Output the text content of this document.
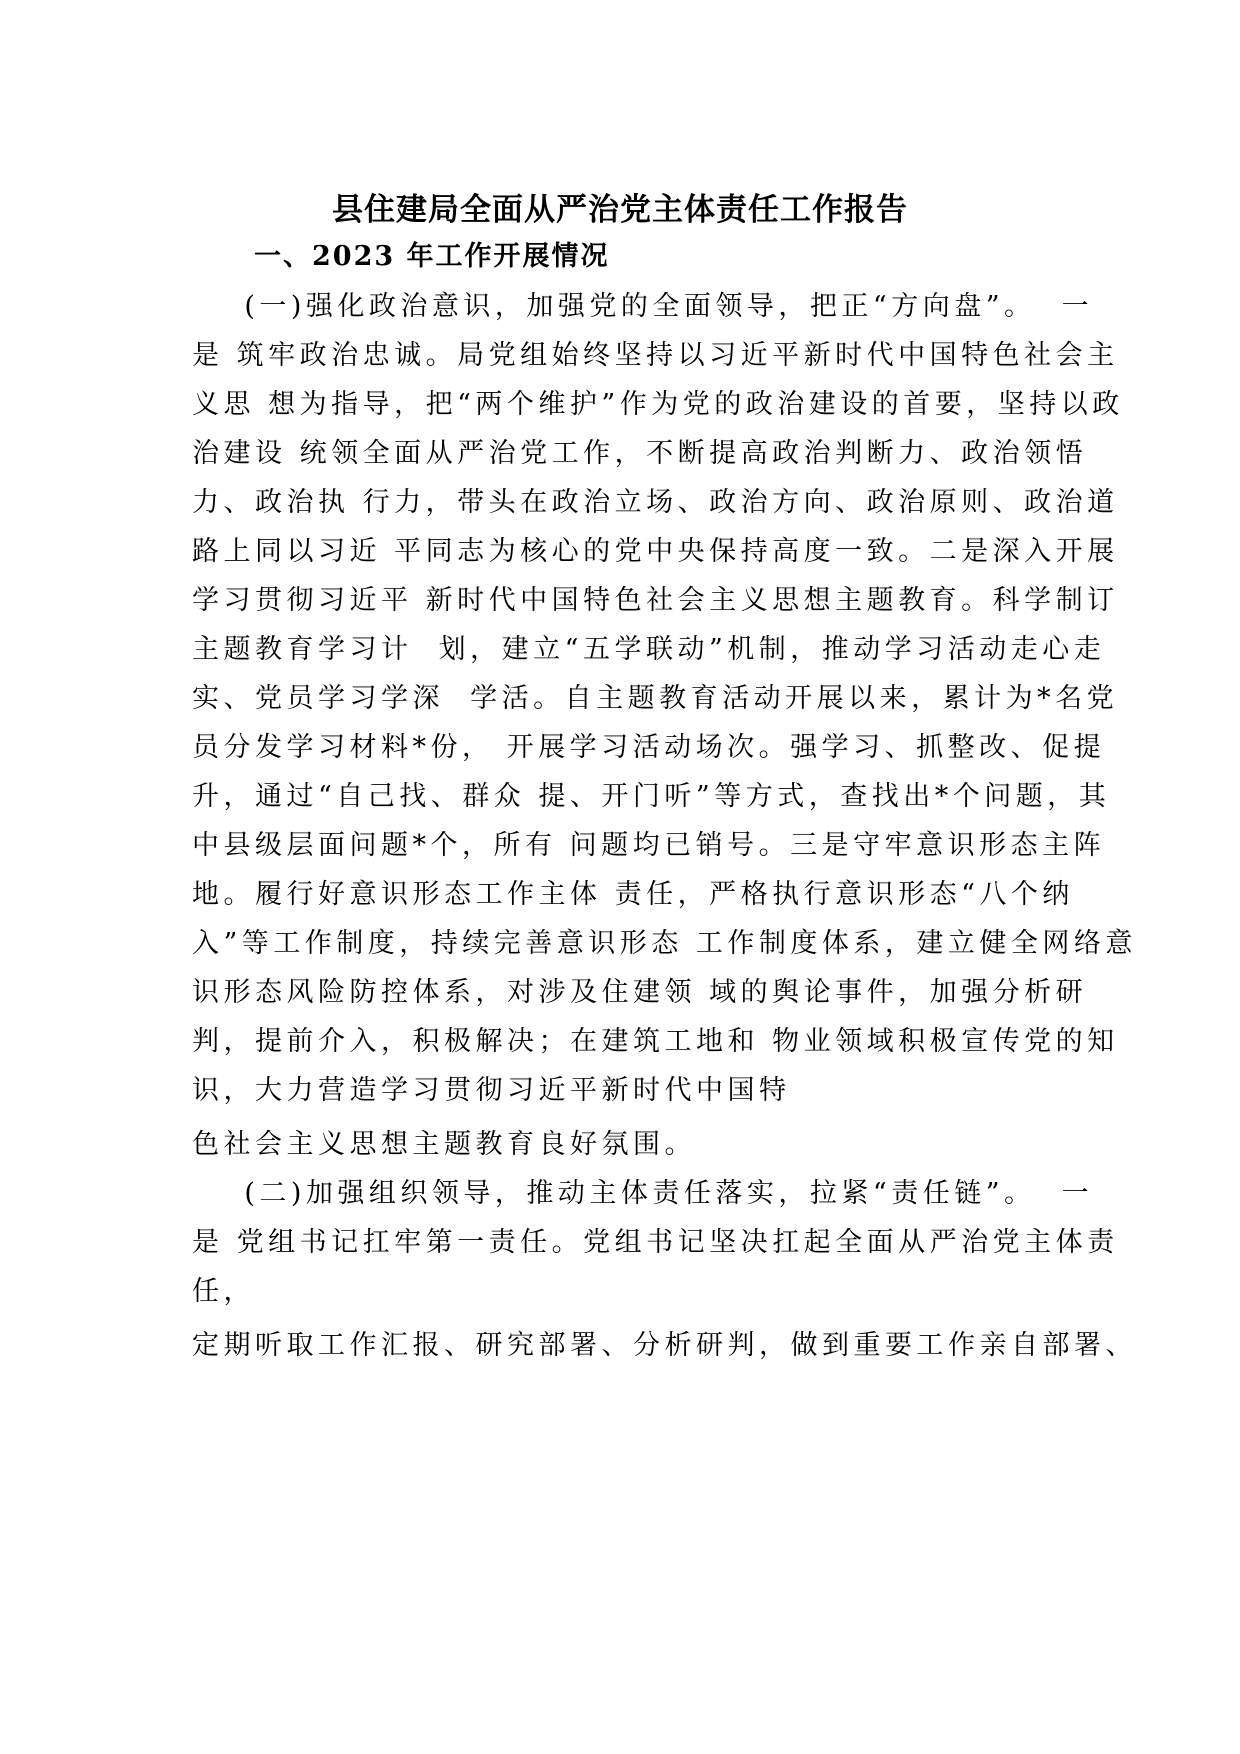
县住建局全面从严治党主体责任工作报告
一、2023 年工作开展情况
(一)强化政治意识，加强党的全面领导，把正“方向盘”。  一
是 筑牢政治忠诚。局党组始终坚持以习近平新时代中国特色社会主
义思 想为指导，把“两个维护”作为党的政治建设的首要，坚持以政
治建设 统领全面从严治党工作，不断提高政治判断力、政治领悟
力、政治执 行力，带头在政治立场、政治方向、政治原则、政治道
路上同以习近 平同志为核心的党中央保持高度一致。二是深入开展
学习贯彻习近平 新时代中国特色社会主义思想主题教育。科学制订
主题教育学习计  划，建立“五学联动”机制，推动学习活动走心走
实、党员学习学深  学活。自主题教育活动开展以来，累计为*名党
员分发学习材料*份， 开展学习活动场次。强学习、抓整改、促提
升，通过“自己找、群众 提、开门听”等方式，查找出*个问题，其
中县级层面问题*个，所有 问题均已销号。三是守牢意识形态主阵
地。履行好意识形态工作主体 责任，严格执行意识形态“八个纳
入”等工作制度，持续完善意识形态 工作制度体系，建立健全网络意
识形态风险防控体系，对涉及住建领 域的舆论事件，加强分析研
判，提前介入，积极解决；在建筑工地和 物业领域积极宣传党的知
识，大力营造学习贯彻习近平新时代中国特
色社会主义思想主题教育良好氛围。
(二)加强组织领导，推动主体责任落实，拉紧“责任链”。  一
是 党组书记扛牢第一责任。党组书记坚决扛起全面从严治党主体责
任，
定期听取工作汇报、研究部署、分析研判，做到重要工作亲自部署、
